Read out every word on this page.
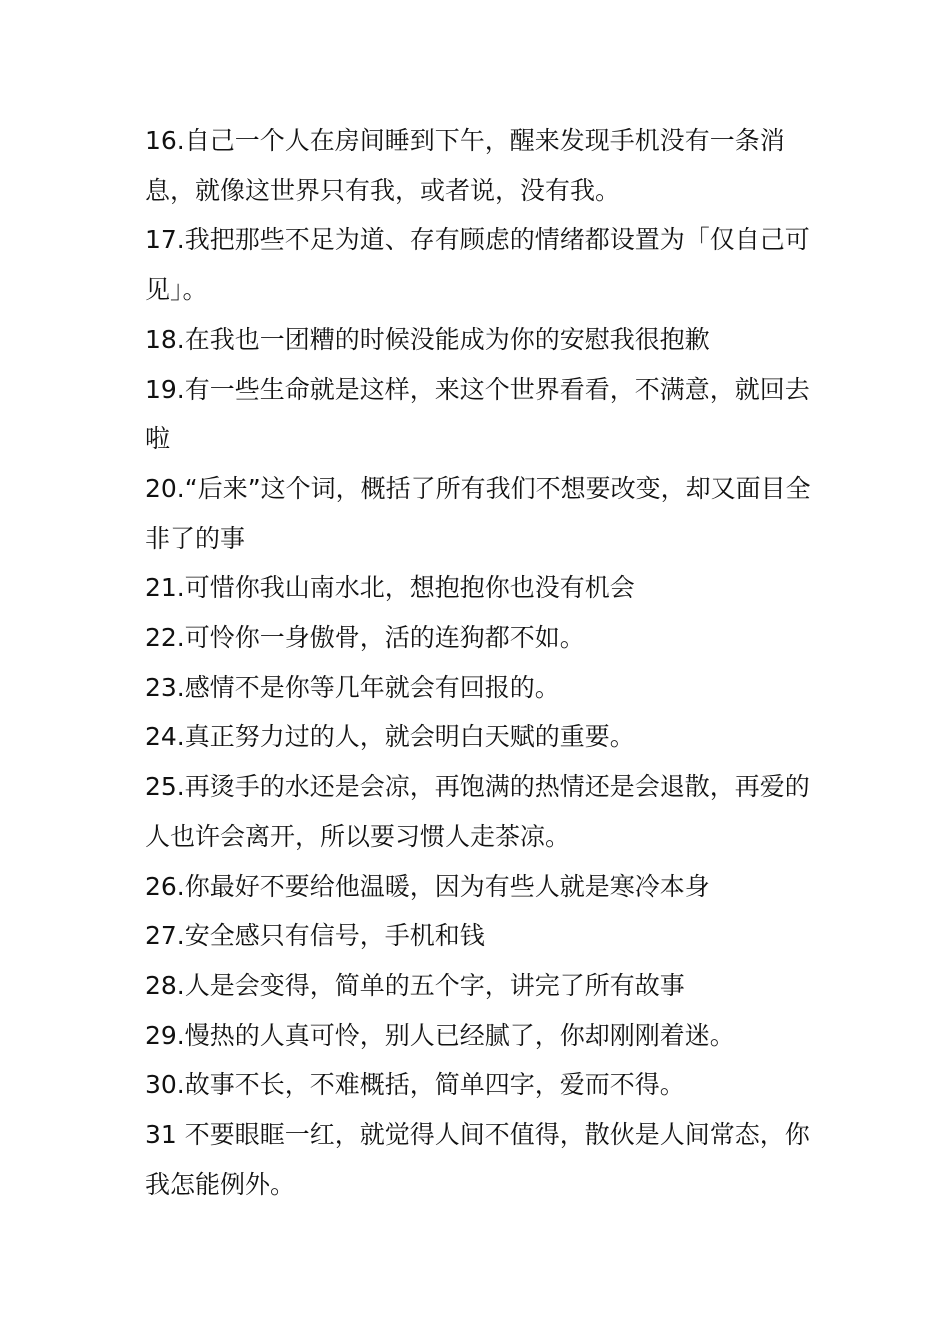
16.自己一个人在房间睡到下午，醒来发现手机没有一条消息，就像这世界只有我，或者说，没有我。

17.我把那些不足为道、存有顾虑的情绪都设置为「仅自己可见」。

18.在我也一团糟的时候没能成为你的安慰我很抱歉

19.有一些生命就是这样，来这个世界看看，不满意，就回去啦

20.“后来”这个词，概括了所有我们不想要改变，却又面目全非了的事

21.可惜你我山南水北，想抱抱你也没有机会

22.可怜你一身傲骨，活的连狗都不如。

23.感情不是你等几年就会有回报的。

24.真正努力过的人，就会明白天赋的重要。

25.再烫手的水还是会凉，再饱满的热情还是会退散，再爱的人也许会离开，所以要习惯人走茶凉。

26.你最好不要给他温暖，因为有些人就是寒冷本身

27.安全感只有信号，手机和钱

28.人是会变得，简单的五个字，讲完了所有故事

29.慢热的人真可怜，别人已经腻了，你却刚刚着迷。

30.故事不长，不难概括，简单四字，爱而不得。

31 不要眼眶一红，就觉得人间不值得，散伙是人间常态，你我怎能例外。
